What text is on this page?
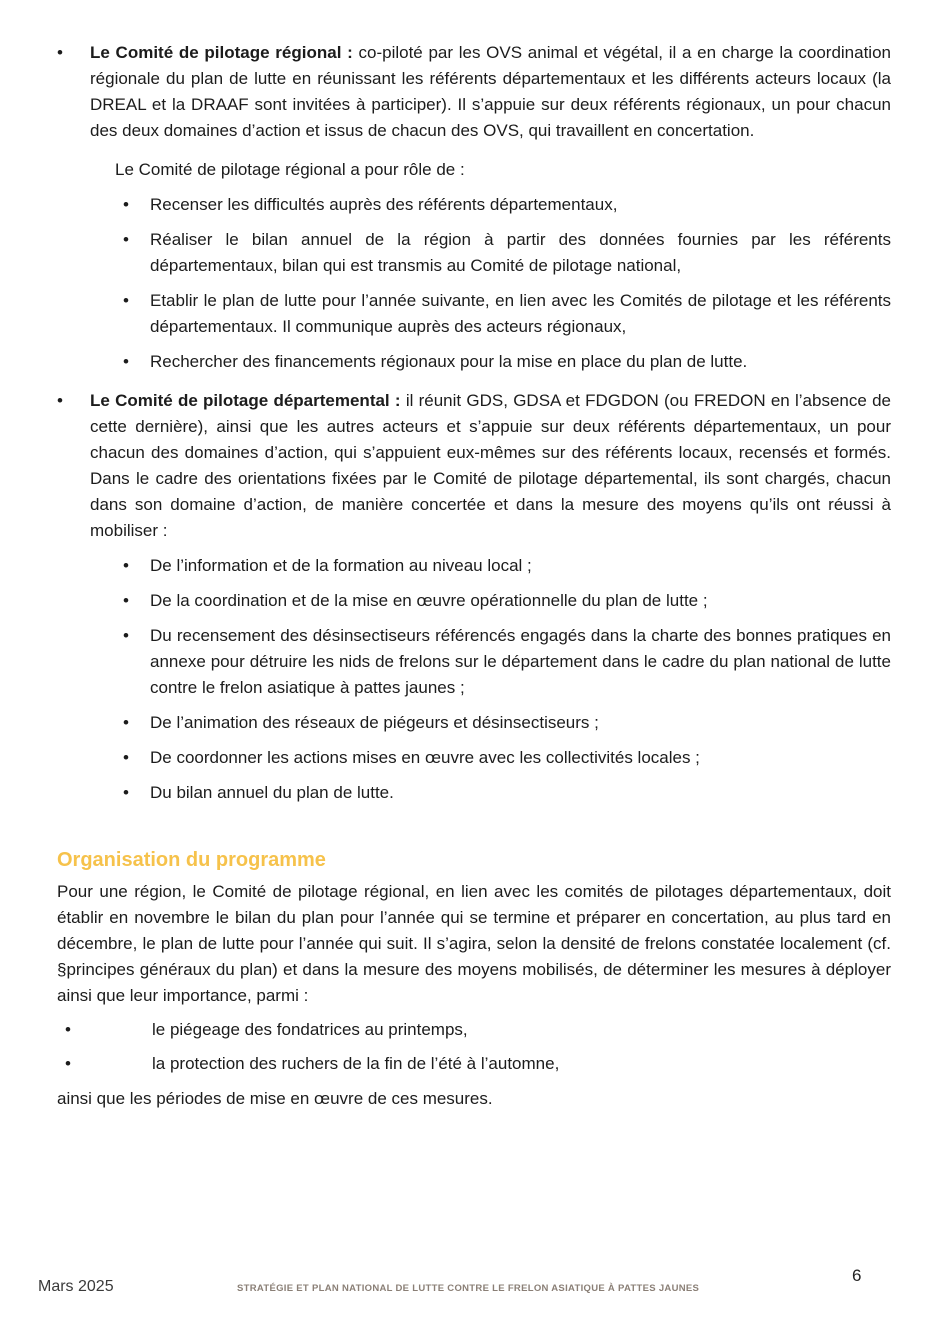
•	Le Comité de pilotage régional : co-piloté par les OVS animal et végétal, il a en charge la coordination régionale du plan de lutte en réunissant les référents départementaux et les différents acteurs locaux (la DREAL et la DRAAF sont invitées à participer). Il s’appuie sur deux référents régionaux, un pour chacun des deux domaines d’action et issus de chacun des OVS, qui travaillent en concertation.

Le Comité de pilotage régional a pour rôle de :

•	Recenser les difficultés auprès des référents départementaux,

•	Réaliser le bilan annuel de la région à partir des données fournies par les référents départementaux, bilan qui est transmis au Comité de pilotage national,

•	Etablir le plan de lutte pour l’année suivante, en lien avec les Comités de pilotage et les référents départementaux. Il communique auprès des acteurs régionaux,

•	Rechercher des financements régionaux pour la mise en place du plan de lutte.

•	Le Comité de pilotage départemental : il réunit GDS, GDSA et FDGDON (ou FREDON en l’absence de cette dernière), ainsi que les autres acteurs et s’appuie sur deux référents départementaux, un pour chacun des domaines d’action, qui s’appuient eux-mêmes sur des référents locaux, recensés et formés. Dans le cadre des orientations fixées par le Comité de pilotage départemental, ils sont chargés, chacun dans son domaine d’action, de manière concertée et dans la mesure des moyens qu’ils ont réussi à mobiliser :

•	De l’information et de la formation au niveau local ;

•	De la coordination et de la mise en œuvre opérationnelle du plan de lutte ;

•	Du recensement des désinsectiseurs référencés engagés dans la charte des bonnes pratiques en annexe pour détruire les nids de frelons sur le département dans le cadre du plan national de lutte contre le frelon asiatique à pattes jaunes ;

•	De l’animation des réseaux de piégeurs et désinsectiseurs ;

•	De coordonner les actions mises en œuvre avec les collectivités locales ;

•	Du bilan annuel du plan de lutte.

Organisation du programme

Pour une région, le Comité de pilotage régional, en lien avec les comités de pilotages départementaux, doit établir en novembre le bilan du plan pour l’année qui se termine et préparer en concertation, au plus tard en décembre, le plan de lutte pour l’année qui suit. Il s’agira, selon la densité de frelons constatée localement (cf. §principes généraux du plan) et dans la mesure des moyens mobilisés, de déterminer les mesures à déployer ainsi que leur importance, parmi :

•	le piégeage des fondatrices au printemps,

•	la protection des ruchers de la fin de l’été à l’automne,

ainsi que les périodes de mise en œuvre de ces mesures.

Mars 2025	STRATÉGIE ET PLAN NATIONAL DE LUTTE CONTRE LE FRELON ASIATIQUE À PATTES JAUNES
6
